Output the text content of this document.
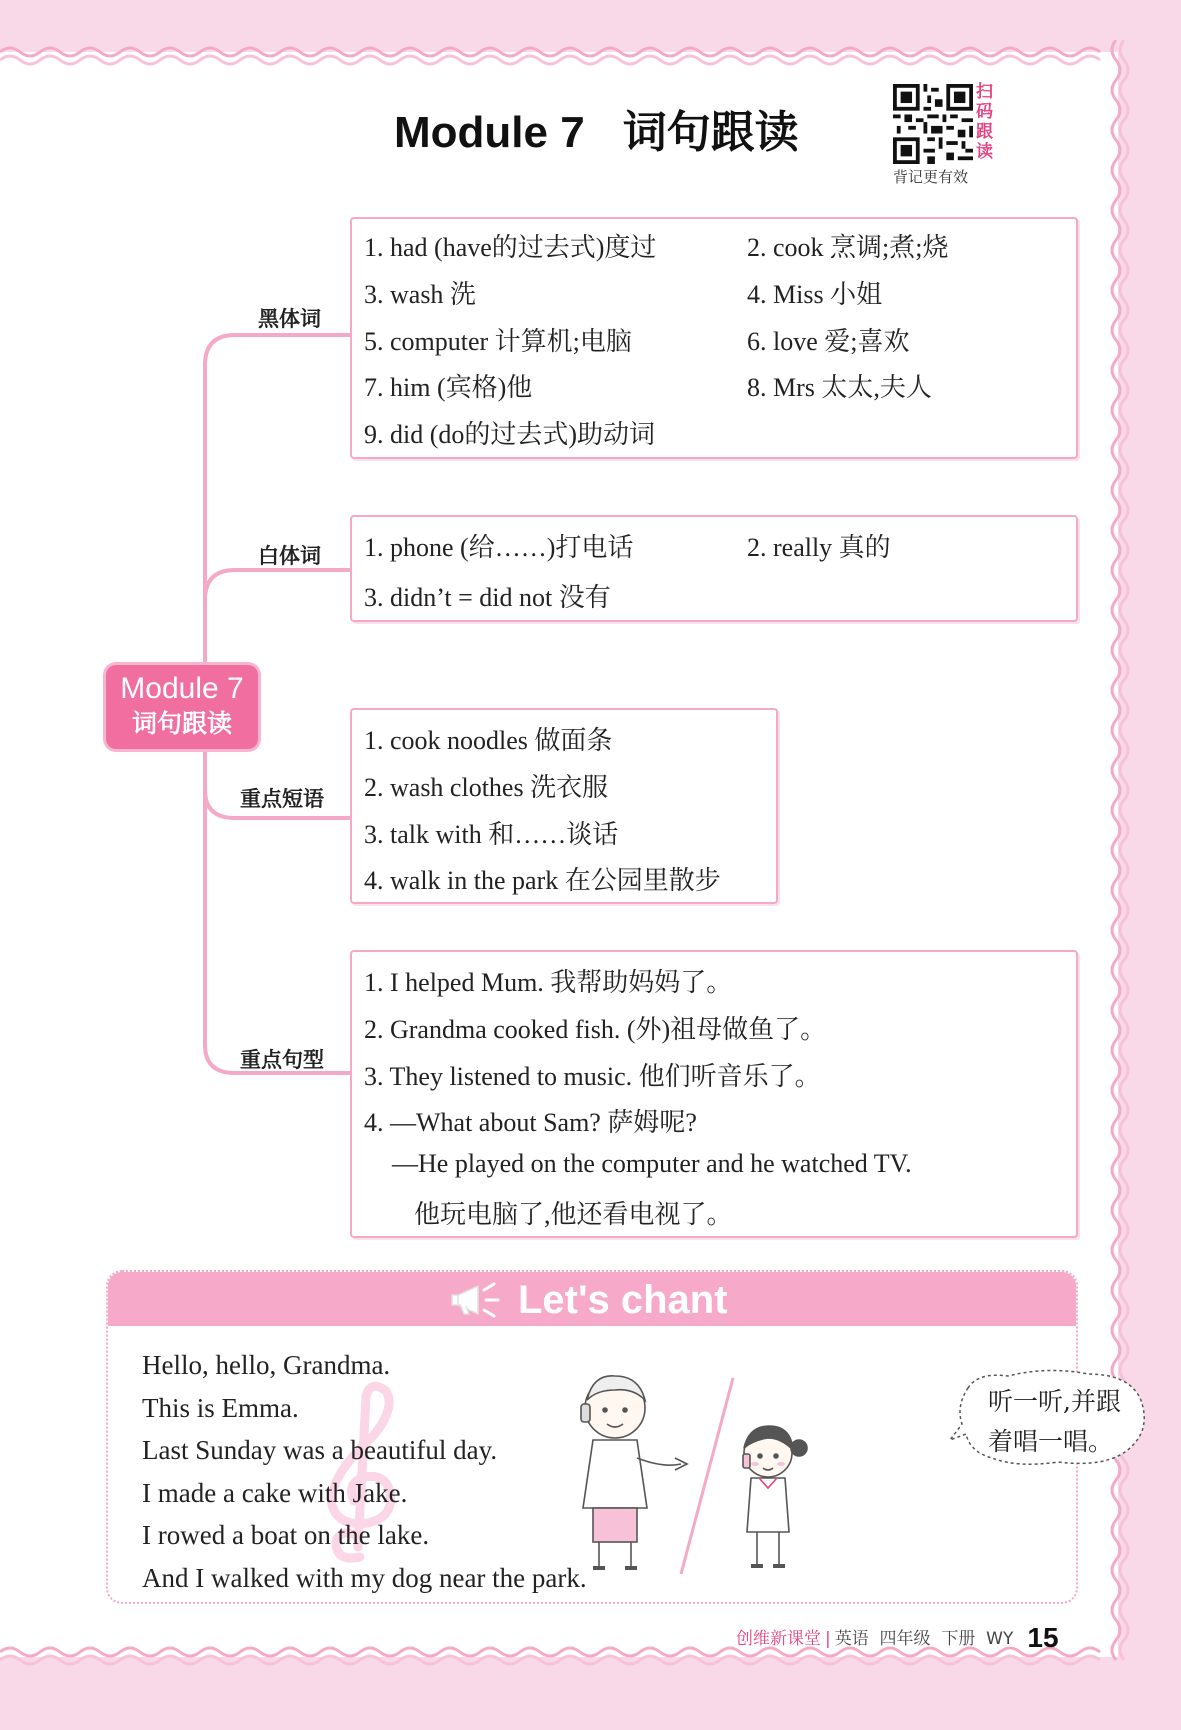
Module 7 词句跟读
扫
码
跟
读
背记更有效
Module 7
词句跟读
黑体词
1. had (have的过去式)度过	2. cook 烹调;煮;烧
3. wash 洗	4. Miss 小姐
5. computer 计算机;电脑	6. love 爱;喜欢
7. him (宾格)他	8. Mrs 太太,夫人
9. did (do的过去式)助动词
白体词 1. phone (给……)打电话	2. really 真的
3. didn’t = did not 没有
重点短语
1. cook noodles 做面条
2. wash clothes 洗衣服
3. talk with 和……谈话
4. walk in the park 在公园里散步
重点句型
1. I helped Mum. 我帮助妈妈了。
2. Grandma cooked fish. (外)祖母做鱼了。
3. They listened to music. 他们听音乐了。
4. —What about Sam? 萨姆呢?
—He played on the computer and he watched TV.
他玩电脑了,他还看电视了。
Let's chant
Hello, hello, Grandma.
This is Emma.
Last Sunday was a beautiful day.
I made a cake with Jake.
I rowed a boat on the lake.
And I walked with my dog near the park.
听一听,并跟
着唱一唱。
创维新课堂 | 英语 四年级 下册 WY 15
